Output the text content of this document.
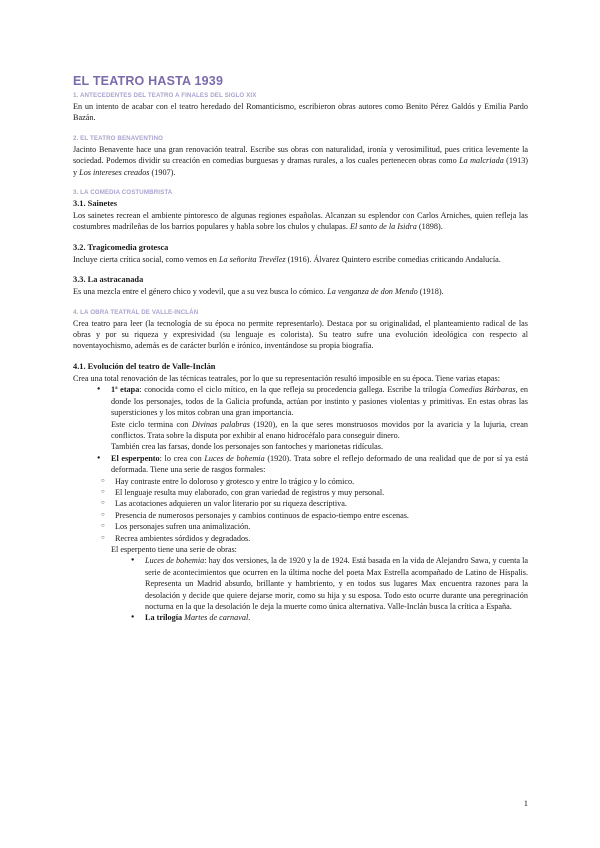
EL TEATRO HASTA 1939
1. ANTECEDENTES DEL TEATRO A FINALES DEL SIGLO XIX

En un intento de acabar con el teatro heredado del Romanticismo, escribieron obras autores como Benito Pérez Galdós y Emilia Pardo Bazán.

2. EL TEATRO BENAVENTINO

Jacinto Benavente hace una gran renovación teatral. Escribe sus obras con naturalidad, ironía y verosimilitud, pues critica levemente la sociedad. Podemos dividir su creación en comedias burguesas y dramas rurales, a los cuales pertenecen obras como La malcriada (1913) y Los intereses creados (1907).

3. LA COMEDIA COSTUMBRISTA
3.1. Sainetes

Los sainetes recrean el ambiente pintoresco de algunas regiones españolas. Alcanzan su esplendor con Carlos Arniches, quien refleja las costumbres madrileñas de los barrios populares y habla sobre los chulos y chulapas. El santo de la Isidra (1898).

3.2. Tragicomedia grotesca

Incluye cierta crítica social, como vemos en La señorita Trevélez (1916). Álvarez Quintero escribe comedias criticando Andalucía.

3.3. La astracanada

Es una mezcla entre el género chico y vodevil, que a su vez busca lo cómico. La venganza de don Mendo (1918).

4. LA OBRA TEATRAL DE VALLE-INCLÁN

Crea teatro para leer (la tecnología de su época no permite representarlo). Destaca por su originalidad, el planteamiento radical de las obras y por su riqueza y expresividad (su lenguaje es colorista). Su teatro sufre una evolución ideológica con respecto al noventayochismo, además es de carácter burlón e irónico, inventándose su propia biografía.

4.1. Evolución del teatro de Valle-Inclán

Crea una total renovación de las técnicas teatrales, por lo que su representación resultó imposible en su época. Tiene varias etapas:

● 1ª etapa: conocida como el ciclo mítico, en la que refleja su procedencia gallega. Escribe la trilogía Comedias Bárbaras, en donde los personajes, todos de la Galicia profunda, actúan por instinto y pasiones violentas y primitivas. En estas obras las supersticiones y los mitos cobran una gran importancia.

Este ciclo termina con Divinas palabras (1920), en la que seres monstruosos movidos por la avaricia y la lujuria, crean conflictos. Trata sobre la disputa por exhibir al enano hidrocéfalo para conseguir dinero.

También crea las farsas, donde los personajes son fantoches y marionetas ridículas.

● El esperpento: lo crea con Luces de bohemia (1920). Trata sobre el reflejo deformado de una realidad que de por sí ya está deformada. Tiene una serie de rasgos formales:
○ Hay contraste entre lo doloroso y grotesco y entre lo trágico y lo cómico.
○ El lenguaje resulta muy elaborado, con gran variedad de registros y muy personal.
○ Las acotaciones adquieren un valor literario por su riqueza descriptiva.
○ Presencia de numerosos personajes y cambios continuos de espacio-tiempo entre escenas.
○ Los personajes sufren una animalización.
○ Recrea ambientes sórdidos y degradados.

El esperpento tiene una serie de obras:

● Luces de bohemia: hay dos versiones, la de 1920 y la de 1924. Está basada en la vida de Alejandro Sawa, y cuenta la serie de acontecimientos que ocurren en la última noche del poeta Max Estrella acompañado de Latino de Híspalis. Representa un Madrid absurdo, brillante y hambriento, y en todos sus lugares Max encuentra razones para la desolación y decide que quiere dejarse morir, como su hija y su esposa. Todo esto ocurre durante una peregrinación nocturna en la que la desolación le deja la muerte como única alternativa. Valle-Inclán busca la crítica a España.
● La trilogía Martes de carnaval.
1
